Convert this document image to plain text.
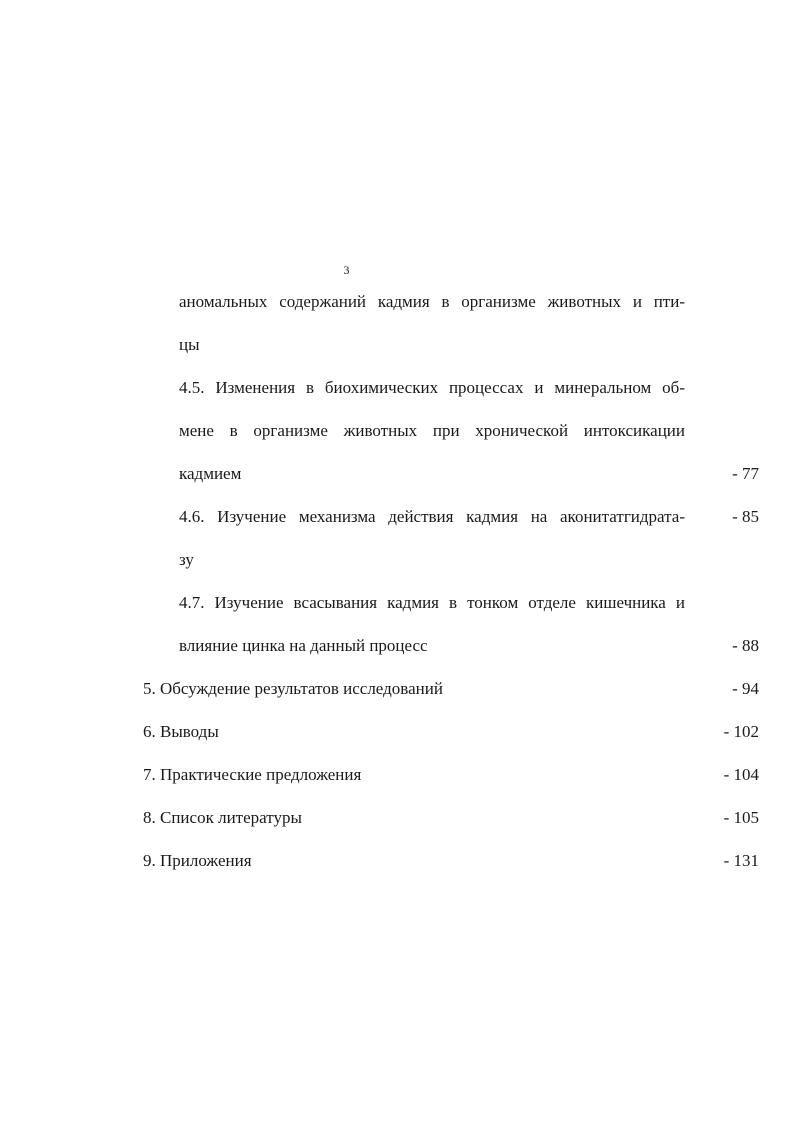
3
аномальных содержаний кадмия в организме животных и пти-
цы
4.5. Изменения в биохимических процессах и минеральном об-
мене в организме животных при хронической интоксикации
кадмием	- 77
4.6. Изучение механизма действия кадмия на аконитатгидрата-	- 85
зу
4.7. Изучение всасывания кадмия в тонком отделе кишечника и
влияние цинка на данный процесс	- 88
5. Обсуждение результатов исследований	- 94
6. Выводы	- 102
7. Практические предложения	- 104
8. Список литературы	- 105
9. Приложения	- 131
